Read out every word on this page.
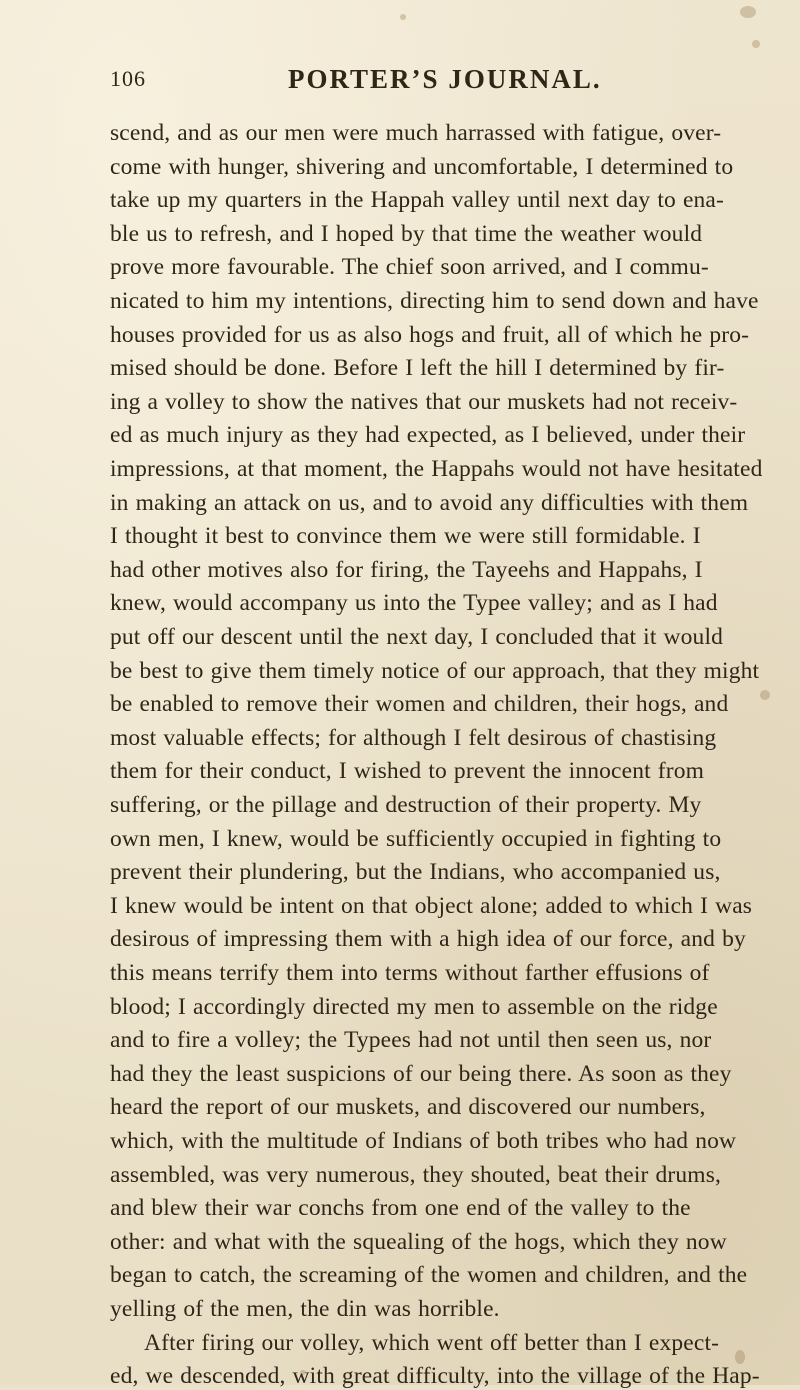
106	PORTER’S JOURNAL.
scend, and as our men were much harrassed with fatigue, over-
come with hunger, shivering and uncomfortable, I determined to
take up my quarters in the Happah valley until next day to ena-
ble us to refresh, and I hoped by that time the weather would
prove more favourable. The chief soon arrived, and I commu-
nicated to him my intentions, directing him to send down and have
houses provided for us as also hogs and fruit, all of which he pro-
mised should be done. Before I left the hill I determined by fir-
ing a volley to show the natives that our muskets had not receiv-
ed as much injury as they had expected, as I believed, under their
impressions, at that moment, the Happahs would not have hesitated
in making an attack on us, and to avoid any difficulties with them
I thought it best to convince them we were still formidable. I
had other motives also for firing, the Tayeehs and Happahs, I
knew, would accompany us into the Typee valley; and as I had
put off our descent until the next day, I concluded that it would
be best to give them timely notice of our approach, that they might
be enabled to remove their women and children, their hogs, and
most valuable effects; for although I felt desirous of chastising
them for their conduct, I wished to prevent the innocent from
suffering, or the pillage and destruction of their property. My
own men, I knew, would be sufficiently occupied in fighting to
prevent their plundering, but the Indians, who accompanied us,
I knew would be intent on that object alone; added to which I was
desirous of impressing them with a high idea of our force, and by
this means terrify them into terms without farther effusions of
blood; I accordingly directed my men to assemble on the ridge
and to fire a volley; the Typees had not until then seen us, nor
had they the least suspicions of our being there. As soon as they
heard the report of our muskets, and discovered our numbers,
which, with the multitude of Indians of both tribes who had now
assembled, was very numerous, they shouted, beat their drums,
and blew their war conchs from one end of the valley to the
other: and what with the squealing of the hogs, which they now
began to catch, the screaming of the women and children, and the
yelling of the men, the din was horrible.
After firing our volley, which went off better than I expect-
ed, we descended, with great difficulty, into the village of the Hap-
